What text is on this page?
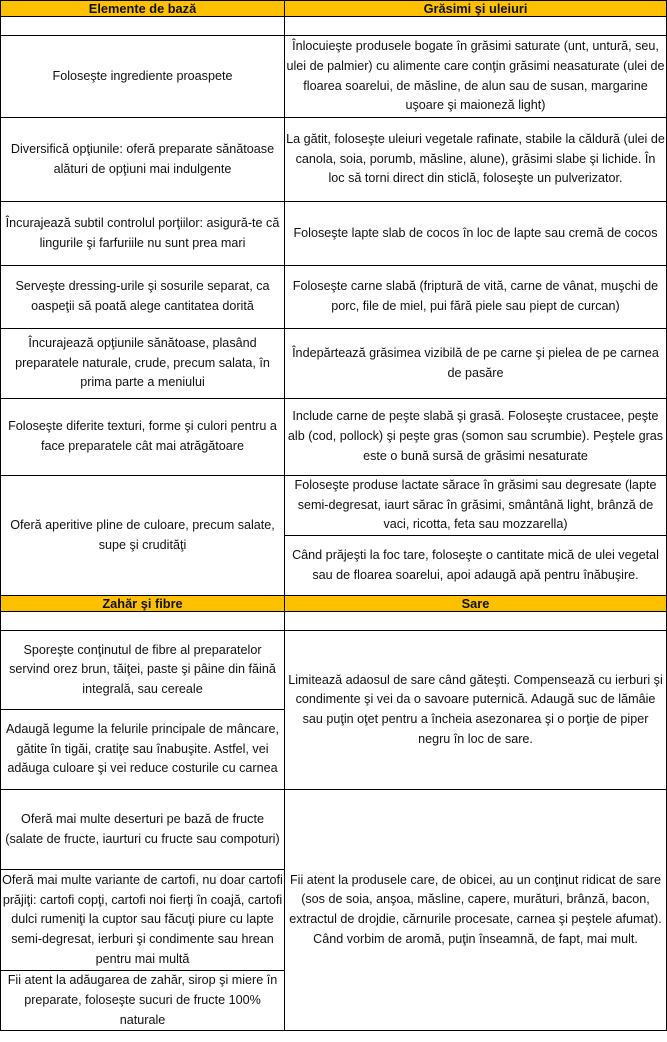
Elemente de bază	Grăsimi şi uleiuri

Foloseşte ingrediente proaspete	Înlocuieşte produsele bogate în grăsimi saturate (unt, untură, seu, ulei de palmier) cu alimente care conţin grăsimi neasaturate (ulei de floarea soarelui, de măsline, de alun sau de susan, margarine uşoare şi maioneză light)
Diversifică opţiunile: oferă preparate sănătoase alături de opţiuni mai indulgente	La gătit, foloseşte uleiuri vegetale rafinate, stabile la căldură (ulei de canola, soia, porumb, măsline, alune), grăsimi slabe şi lichide. În loc să torni direct din sticlă, foloseşte un pulverizator.
Încurajează subtil controlul porţiilor: asigură-te că lingurile şi farfuriile nu sunt prea mari	Foloseşte lapte slab de cocos în loc de lapte sau cremă de cocos
Serveşte dressing-urile şi sosurile separat, ca oaspeţii să poată alege cantitatea dorită	Foloseşte carne slabă (friptură de vită, carne de vânat, muşchi de porc, file de miel, pui fără piele sau piept de curcan)
Încurajează opţiunile sănătoase, plasând preparatele naturale, crude, precum salata, în prima parte a meniului	Îndepărtează grăsimea vizibilă de pe carne şi pielea de pe carnea de pasăre
Foloseşte diferite texturi, forme şi culori pentru a face preparatele cât mai atrăgătoare	Include carne de peşte slabă şi grasă. Foloseşte crustacee, peşte alb (cod, pollock) şi peşte gras (somon sau scrumbie). Peştele gras este o bună sursă de grăsimi nesaturate
Oferă aperitive pline de culoare, precum salate, supe şi crudităţi	Foloseşte produse lactate sărace în grăsimi sau degresate (lapte semi-degresat, iaurt sărac în grăsimi, smântână light, brânză de vaci, ricotta, feta sau mozzarella)
	Când prăjeşti la foc tare, foloseşte o cantitate mică de ulei vegetal sau de floarea soarelui, apoi adaugă apă pentru înăbuşire.
Zahăr şi fibre	Sare

Sporeşte conţinutul de fibre al preparatelor servind orez brun, tăiţei, paste şi pâine din făină integrală, sau cereale	Limitează adaosul de sare când găteşti. Compensează cu ierburi şi condimente şi vei da o savoare puternică. Adaugă suc de lămâie sau puţin oţet pentru a încheia asezonarea şi o porţie de piper negru în loc de sare.
Adaugă legume la felurile principale de mâncare, gătite în tigăi, cratiţe sau înabuşite. Astfel, vei adăuga culoare şi vei reduce costurile cu carnea	
Oferă mai multe deserturi pe bază de fructe (salate de fructe, iaurturi cu fructe sau compoturi)	Fii atent la produsele care, de obicei, au un conţinut ridicat de sare (sos de soia, anşoa, măsline, capere, murături, brânză, bacon, extractul de drojdie, cărnurile procesate, carnea şi peştele afumat). Când vorbim de aromă, puţin înseamnă, de fapt, mai mult.
Oferă mai multe variante de cartofi, nu doar cartofi prăjiţi: cartofi copţi, cartofi noi fierţi în coajă, cartofi dulci rumeniţi la cuptor sau făcuţi piure cu lapte semi-degresat, ierburi şi condimente sau hrean pentru mai multă	
Fii atent la adăugarea de zahăr, sirop şi miere în preparate, foloseşte sucuri de fructe 100% naturale	
